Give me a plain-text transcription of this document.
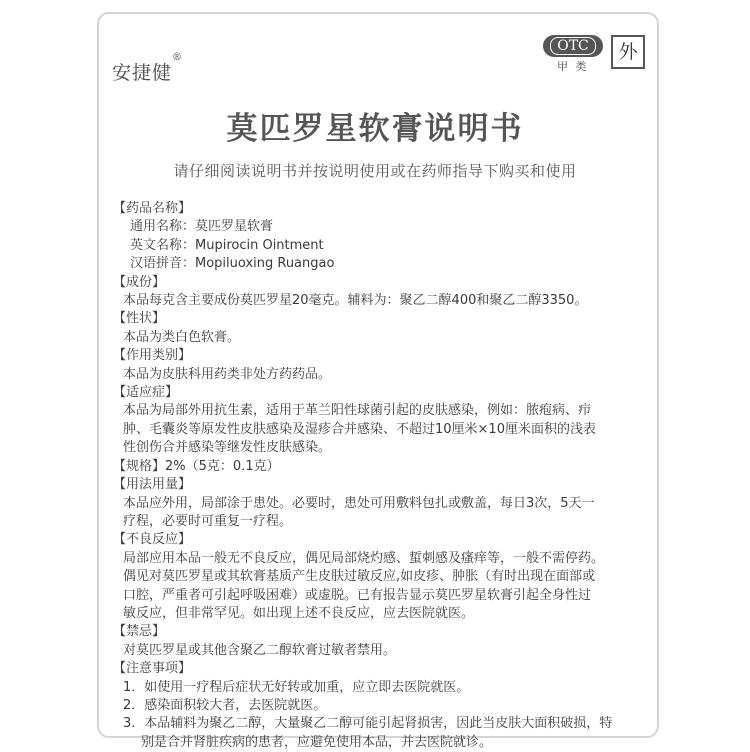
安捷健®
OTC
甲 类
外
莫匹罗星软膏说明书
请仔细阅读说明书并按说明使用或在药师指导下购买和使用
【药品名称】
通用名称：莫匹罗星软膏
英文名称：Mupirocin Ointment
汉语拼音：Mopiluoxing Ruangao
【成份】
本品每克含主要成份莫匹罗星20毫克。辅料为：聚乙二醇400和聚乙二醇3350。
【性状】
本品为类白色软膏。
【作用类别】
本品为皮肤科用药类非处方药药品。
【适应症】
本品为局部外用抗生素，适用于革兰阳性球菌引起的皮肤感染，例如：脓疱病、疖
肿、毛囊炎等原发性皮肤感染及湿疹合并感染、不超过10厘米×10厘米面积的浅表
性创伤合并感染等继发性皮肤感染。
【规格】2%（5克：0.1克）
【用法用量】
本品应外用，局部涂于患处。必要时，患处可用敷料包扎或敷盖，每日3次，5天一
疗程，必要时可重复一疗程。
【不良反应】
局部应用本品一般无不良反应，偶见局部烧灼感、蜇刺感及瘙痒等，一般不需停药。
偶见对莫匹罗星或其软膏基质产生皮肤过敏反应,如皮疹、肿胀（有时出现在面部或
口腔，严重者可引起呼吸困难）或虚脱。已有报告显示莫匹罗星软膏引起全身性过
敏反应，但非常罕见。如出现上述不良反应，应去医院就医。
【禁忌】
对莫匹罗星或其他含聚乙二醇软膏过敏者禁用。
【注意事项】
1．如使用一疗程后症状无好转或加重，应立即去医院就医。
2．感染面积较大者，去医院就医。
3．本品辅料为聚乙二醇，大量聚乙二醇可能引起肾损害，因此当皮肤大面积破损，特
别是合并肾脏疾病的患者，应避免使用本品，并去医院就诊。
